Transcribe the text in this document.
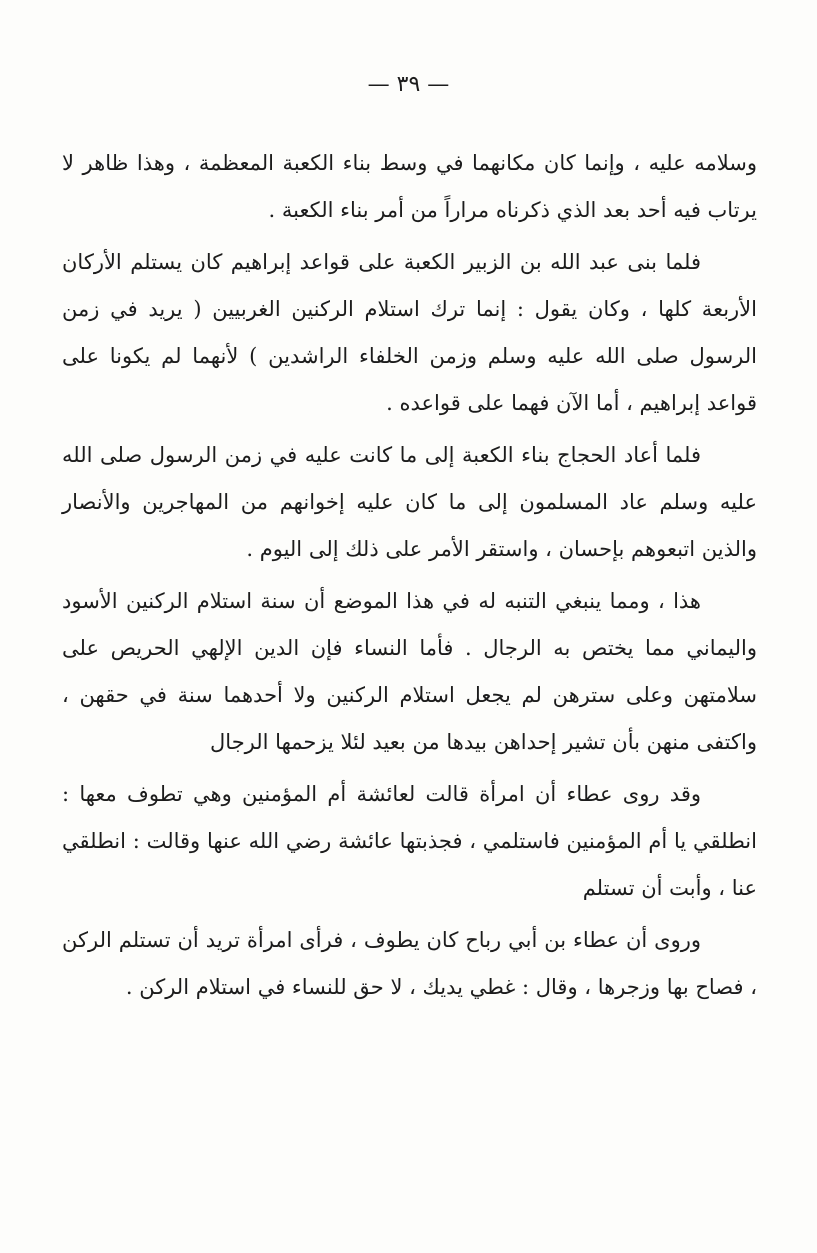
— ٣٩ —

وسلامه عليه ، وإنما كان مكانهما في وسط بناء الكعبة المعظمة ، وهذا ظاهر لا يرتاب فيه أحد بعد الذي ذكرناه مراراً من أمر بناء الكعبة .

فلما بنى عبد الله بن الزبير الكعبة على قواعد إبراهيم كان يستلم الأركان الأربعة كلها ، وكان يقول : إنما ترك استلام الركنين الغربيين ( يريد في زمن الرسول صلى الله عليه وسلم وزمن الخلفاء الراشدين ) لأنهما لم يكونا على قواعد إبراهيم ، أما الآن فهما على قواعده .

فلما أعاد الحجاج بناء الكعبة إلى ما كانت عليه في زمن الرسول صلى الله عليه وسلم عاد المسلمون إلى ما كان عليه إخوانهم من المهاجرين والأنصار والذين اتبعوهم بإحسان ، واستقر الأمر على ذلك إلى اليوم .

هذا ، ومما ينبغي التنبه له في هذا الموضع أن سنة استلام الركنين الأسود واليماني مما يختص به الرجال . فأما النساء فإن الدين الإلهي الحريص على سلامتهن وعلى سترهن لم يجعل استلام الركنين ولا أحدهما سنة في حقهن ، واكتفى منهن بأن تشير إحداهن بيدها من بعيد لئلا يزحمها الرجال

وقد روى عطاء أن امرأة قالت لعائشة أم المؤمنين وهي تطوف معها : انطلقي يا أم المؤمنين فاستلمي ، فجذبتها عائشة رضي الله عنها وقالت : انطلقي عنا ، وأبت أن تستلم

وروى أن عطاء بن أبي رباح كان يطوف ، فرأى امرأة تريد أن تستلم الركن ، فصاح بها وزجرها ، وقال : غطي يديك ، لا حق للنساء في استلام الركن .
